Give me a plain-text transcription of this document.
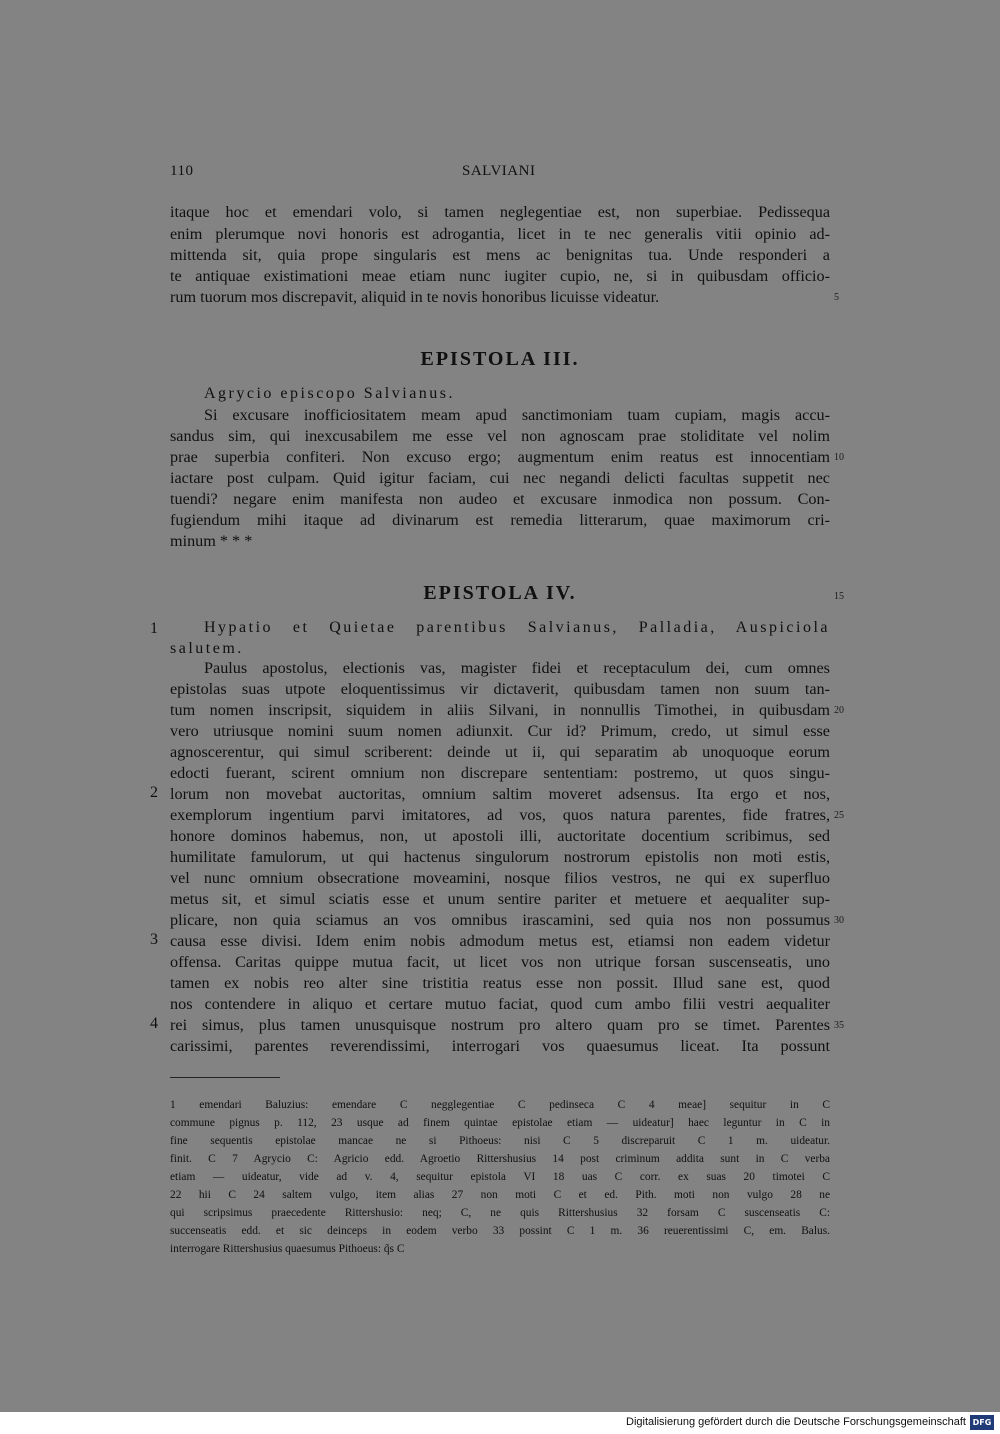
110	SALVIANI
itaque hoc et emendari volo, si tamen neglegentiae est, non superbiae. Pedissequa
enim plerumque novi honoris est adrogantia, licet in te nec generalis vitii opinio ad-
mittenda sit, quia prope singularis est mens ac benignitas tua. Unde responderi a
te antiquae existimationi meae etiam nunc iugiter cupio, ne, si in quibusdam officio-
rum tuorum mos discrepavit, aliquid in te novis honoribus licuisse videatur.	5
EPISTOLA III.
Agrycio episcopo Salvianus.
Si excusare inofficiositatem meam apud sanctimoniam tuam cupiam, magis accu-
sandus sim, qui inexcusabilem me esse vel non agnoscam prae stoliditate vel nolim
prae superbia confiteri. Non excuso ergo; augmentum enim reatus est innocentiam 10
iactare post culpam. Quid igitur faciam, cui nec negandi delicti facultas suppetit nec
tuendi? negare enim manifesta non audeo et excusare inmodica non possum. Con-
fugiendum mihi itaque ad divinarum est remedia litterarum, quae maximorum cri-
minum * * *
EPISTOLA IV.	15
1	Hypatio et Quietae parentibus Salvianus, Palladia, Auspiciola
salutem.
Paulus apostolus, electionis vas, magister fidei et receptaculum dei, cum omnes
epistolas suas utpote eloquentissimus vir dictaverit, quibusdam tamen non suum tan-
tum nomen inscripsit, siquidem in aliis Silvani, in nonnullis Timothei, in quibusdam 20
vero utriusque nomini suum nomen adiunxit. Cur id? Primum, credo, ut simul esse
agnoscerentur, qui simul scriberent: deinde ut ii, qui separatim ab unoquoque eorum
edocti fuerant, scirent omnium non discrepare sententiam: postremo, ut quos singu-
2 lorum non movebat auctoritas, omnium saltim moveret adsensus. Ita ergo et nos,
exemplorum ingentium parvi imitatores, ad vos, quos natura parentes, fide fratres, 25
honore dominos habemus, non, ut apostoli illi, auctoritate docentium scribimus, sed
humilitate famulorum, ut qui hactenus singulorum nostrorum epistolis non moti estis,
vel nunc omnium obsecratione moveamini, nosque filios vestros, ne qui ex superfluo
metus sit, et simul sciatis esse et unum sentire pariter et metuere et aequaliter sup-
plicare, non quia sciamus an vos omnibus irascamini, sed quia nos non possumus 30
3 causa esse divisi. Idem enim nobis admodum metus est, etiamsi non eadem videtur
offensa. Caritas quippe mutua facit, ut licet vos non utrique forsan suscenseatis, uno
tamen ex nobis reo alter sine tristitia reatus esse non possit. Illud sane est, quod
nos contendere in aliquo et certare mutuo faciat, quod cum ambo filii vestri aequaliter
4 rei simus, plus tamen unusquisque nostrum pro altero quam pro se timet. Parentes 35
carissimi, parentes reverendissimi, interrogari vos quaesumus liceat. Ita possunt
1 emendari Baluzius: emendare C negglegentiae C pedinseca C 4 meae] sequitur in C
commune pignus p. 112, 23 usque ad finem quintae epistolae etiam — uideatur] haec leguntur in C in
fine sequentis epistolae mancae ne si Pithoeus: nisi C 5 discreparuit C 1 m. uideatur.
finit. C 7 Agrycio C: Agricio edd. Agroetio Rittershusius 14 post criminum addita sunt in C verba
etiam — uideatur, vide ad v. 4, sequitur epistola VI 18 uas C corr. ex suas 20 timotei C
22 hii C 24 saltem vulgo, item alias 27 non moti C et ed. Pith. moti non vulgo 28 ne
qui scripsimus praecedente Rittershusio: neq; C, ne quis Rittershusius 32 forsam C suscenseatis C:
succenseatis edd. et sic deinceps in eodem verbo 33 possint C 1 m. 36 reuerentissimi C, em. Balus.
interrogare Rittershusius quaesumus Pithoeus: q̃s C
Digitalisierung gefördert durch die Deutsche Forschungsgemeinschaft DFG
